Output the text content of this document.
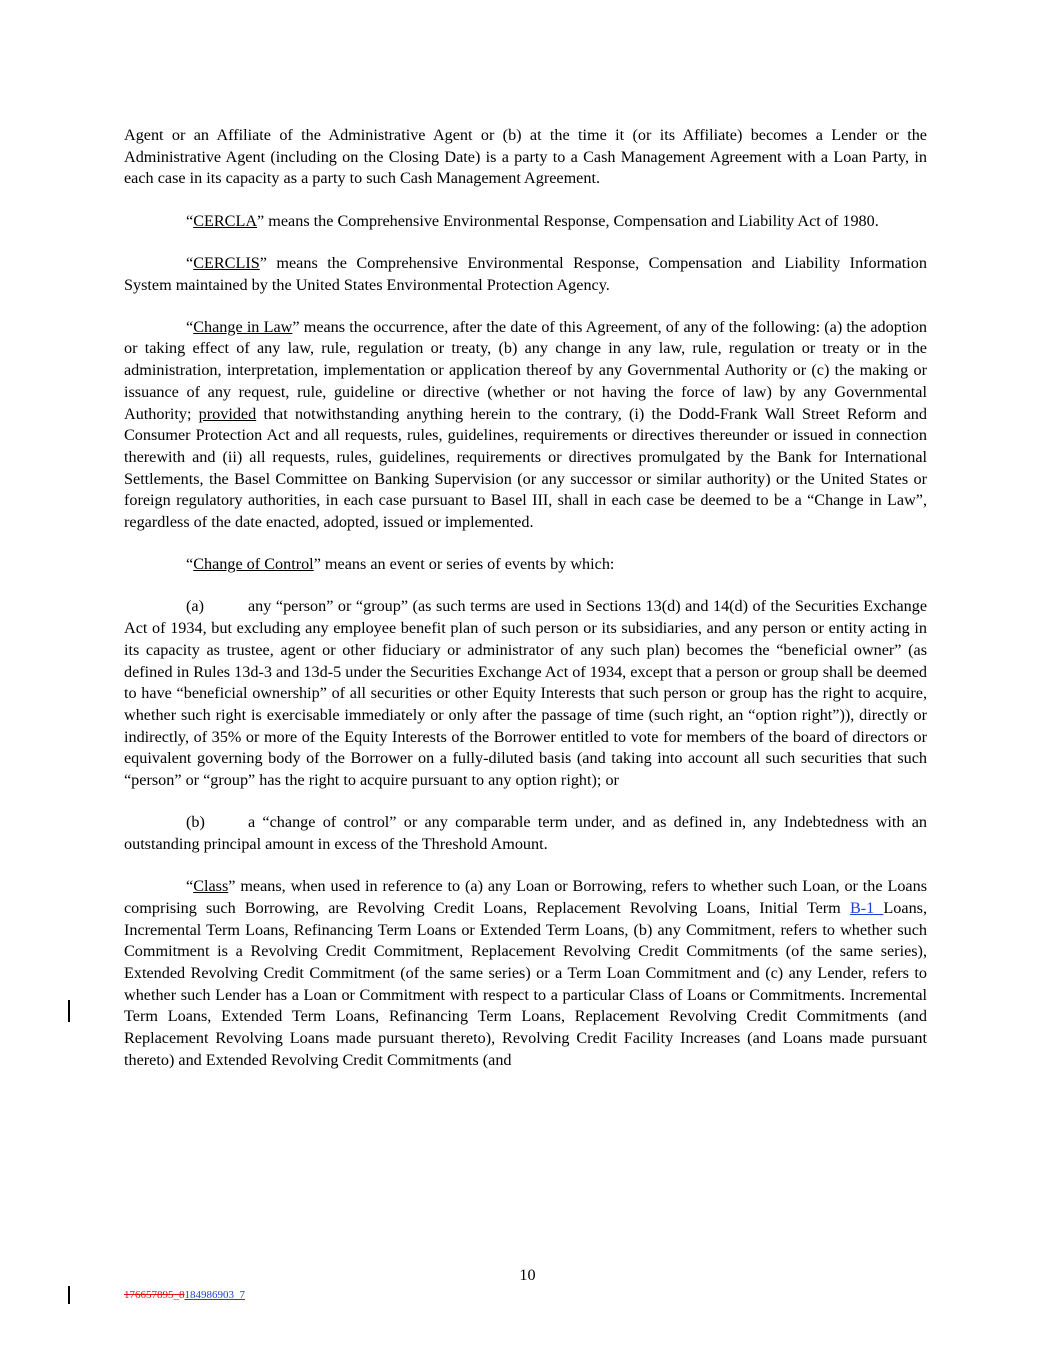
Agent or an Affiliate of the Administrative Agent or (b) at the time it (or its Affiliate) becomes a Lender or the Administrative Agent (including on the Closing Date) is a party to a Cash Management Agreement with a Loan Party, in each case in its capacity as a party to such Cash Management Agreement.

“CERCLA” means the Comprehensive Environmental Response, Compensation and Liability Act of 1980.

“CERCLIS” means the Comprehensive Environmental Response, Compensation and Liability Information System maintained by the United States Environmental Protection Agency.

“Change in Law” means the occurrence, after the date of this Agreement, of any of the following: (a) the adoption or taking effect of any law, rule, regulation or treaty, (b) any change in any law, rule, regulation or treaty or in the administration, interpretation, implementation or application thereof by any Governmental Authority or (c) the making or issuance of any request, rule, guideline or directive (whether or not having the force of law) by any Governmental Authority; provided that notwithstanding anything herein to the contrary, (i) the Dodd-Frank Wall Street Reform and Consumer Protection Act and all requests, rules, guidelines, requirements or directives thereunder or issued in connection therewith and (ii) all requests, rules, guidelines, requirements or directives promulgated by the Bank for International Settlements, the Basel Committee on Banking Supervision (or any successor or similar authority) or the United States or foreign regulatory authorities, in each case pursuant to Basel III, shall in each case be deemed to be a “Change in Law”, regardless of the date enacted, adopted, issued or implemented.

“Change of Control” means an event or series of events by which:

(a)	any “person” or “group” (as such terms are used in Sections 13(d) and 14(d) of the Securities Exchange Act of 1934, but excluding any employee benefit plan of such person or its subsidiaries, and any person or entity acting in its capacity as trustee, agent or other fiduciary or administrator of any such plan) becomes the “beneficial owner” (as defined in Rules 13d-3 and 13d-5 under the Securities Exchange Act of 1934, except that a person or group shall be deemed to have “beneficial ownership” of all securities or other Equity Interests that such person or group has the right to acquire, whether such right is exercisable immediately or only after the passage of time (such right, an “option right”)), directly or indirectly, of 35% or more of the Equity Interests of the Borrower entitled to vote for members of the board of directors or equivalent governing body of the Borrower on a fully-diluted basis (and taking into account all such securities that such “person” or “group” has the right to acquire pursuant to any option right); or

(b)	a “change of control” or any comparable term under, and as defined in, any Indebtedness with an outstanding principal amount in excess of the Threshold Amount.

“Class” means, when used in reference to (a) any Loan or Borrowing, refers to whether such Loan, or the Loans comprising such Borrowing, are Revolving Credit Loans, Replacement Revolving Loans, Initial Term B-1 Loans, Incremental Term Loans, Refinancing Term Loans or Extended Term Loans, (b) any Commitment, refers to whether such Commitment is a Revolving Credit Commitment, Replacement Revolving Credit Commitments (of the same series), Extended Revolving Credit Commitment (of the same series) or a Term Loan Commitment and (c) any Lender, refers to whether such Lender has a Loan or Commitment with respect to a particular Class of Loans or Commitments. Incremental Term Loans, Extended Term Loans, Refinancing Term Loans, Replacement Revolving Credit Commitments (and Replacement Revolving Loans made pursuant thereto), Revolving Credit Facility Increases (and Loans made pursuant thereto) and Extended Revolving Credit Commitments (and

10
176657895_8184986903_7
